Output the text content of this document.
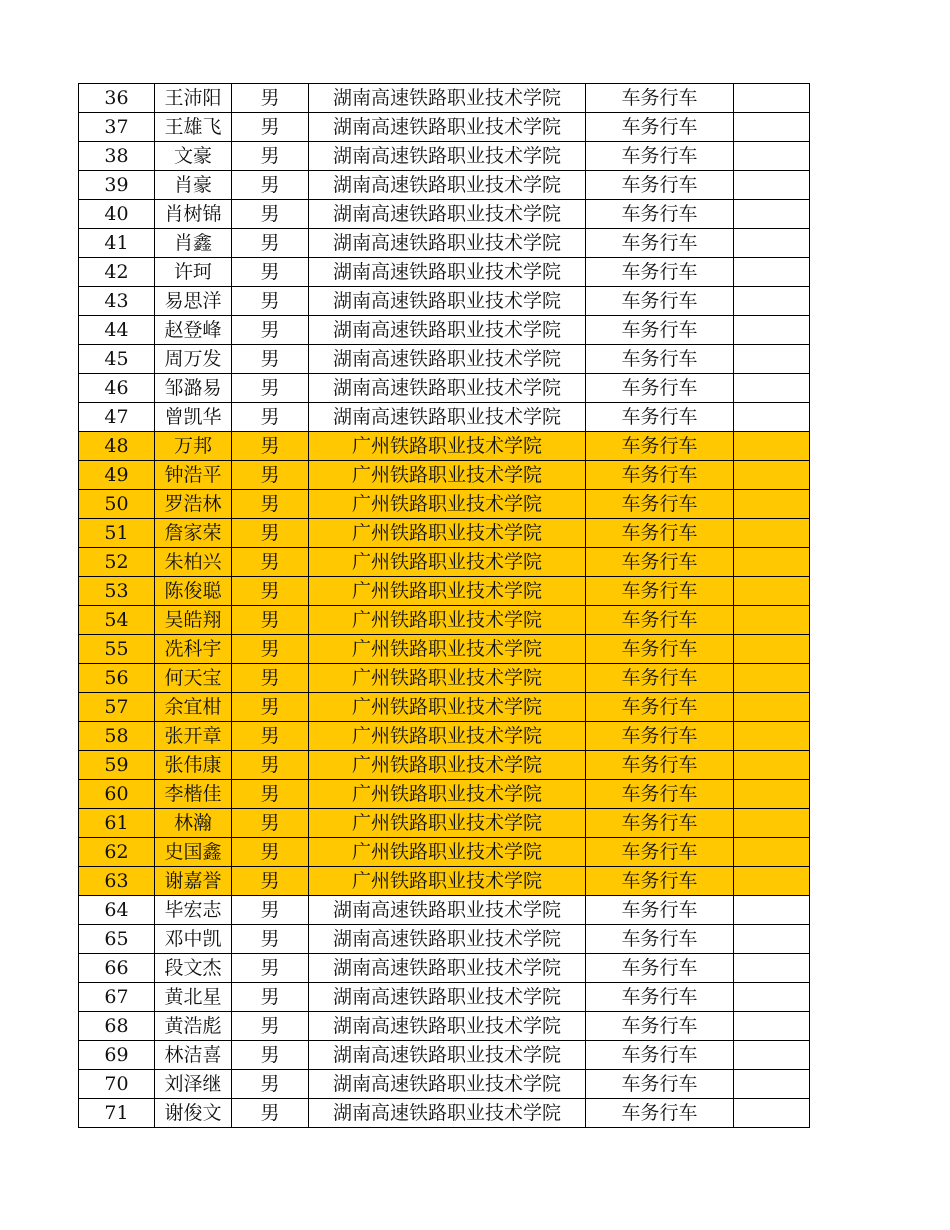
36	王沛阳	男	湖南高速铁路职业技术学院	车务行车	
37	王雄飞	男	湖南高速铁路职业技术学院	车务行车	
38	文豪	男	湖南高速铁路职业技术学院	车务行车	
39	肖豪	男	湖南高速铁路职业技术学院	车务行车	
40	肖树锦	男	湖南高速铁路职业技术学院	车务行车	
41	肖鑫	男	湖南高速铁路职业技术学院	车务行车	
42	许珂	男	湖南高速铁路职业技术学院	车务行车	
43	易思洋	男	湖南高速铁路职业技术学院	车务行车	
44	赵登峰	男	湖南高速铁路职业技术学院	车务行车	
45	周万发	男	湖南高速铁路职业技术学院	车务行车	
46	邹潞易	男	湖南高速铁路职业技术学院	车务行车	
47	曾凯华	男	湖南高速铁路职业技术学院	车务行车	
48	万邦	男	广州铁路职业技术学院	车务行车	
49	钟浩平	男	广州铁路职业技术学院	车务行车	
50	罗浩林	男	广州铁路职业技术学院	车务行车	
51	詹家荣	男	广州铁路职业技术学院	车务行车	
52	朱柏兴	男	广州铁路职业技术学院	车务行车	
53	陈俊聪	男	广州铁路职业技术学院	车务行车	
54	吴皓翔	男	广州铁路职业技术学院	车务行车	
55	冼科宇	男	广州铁路职业技术学院	车务行车	
56	何天宝	男	广州铁路职业技术学院	车务行车	
57	余宜柑	男	广州铁路职业技术学院	车务行车	
58	张开章	男	广州铁路职业技术学院	车务行车	
59	张伟康	男	广州铁路职业技术学院	车务行车	
60	李楷佳	男	广州铁路职业技术学院	车务行车	
61	林瀚	男	广州铁路职业技术学院	车务行车	
62	史国鑫	男	广州铁路职业技术学院	车务行车	
63	谢嘉誉	男	广州铁路职业技术学院	车务行车	
64	毕宏志	男	湖南高速铁路职业技术学院	车务行车	
65	邓中凯	男	湖南高速铁路职业技术学院	车务行车	
66	段文杰	男	湖南高速铁路职业技术学院	车务行车	
67	黄北星	男	湖南高速铁路职业技术学院	车务行车	
68	黄浩彪	男	湖南高速铁路职业技术学院	车务行车	
69	林洁喜	男	湖南高速铁路职业技术学院	车务行车	
70	刘泽继	男	湖南高速铁路职业技术学院	车务行车	
71	谢俊文	男	湖南高速铁路职业技术学院	车务行车	
